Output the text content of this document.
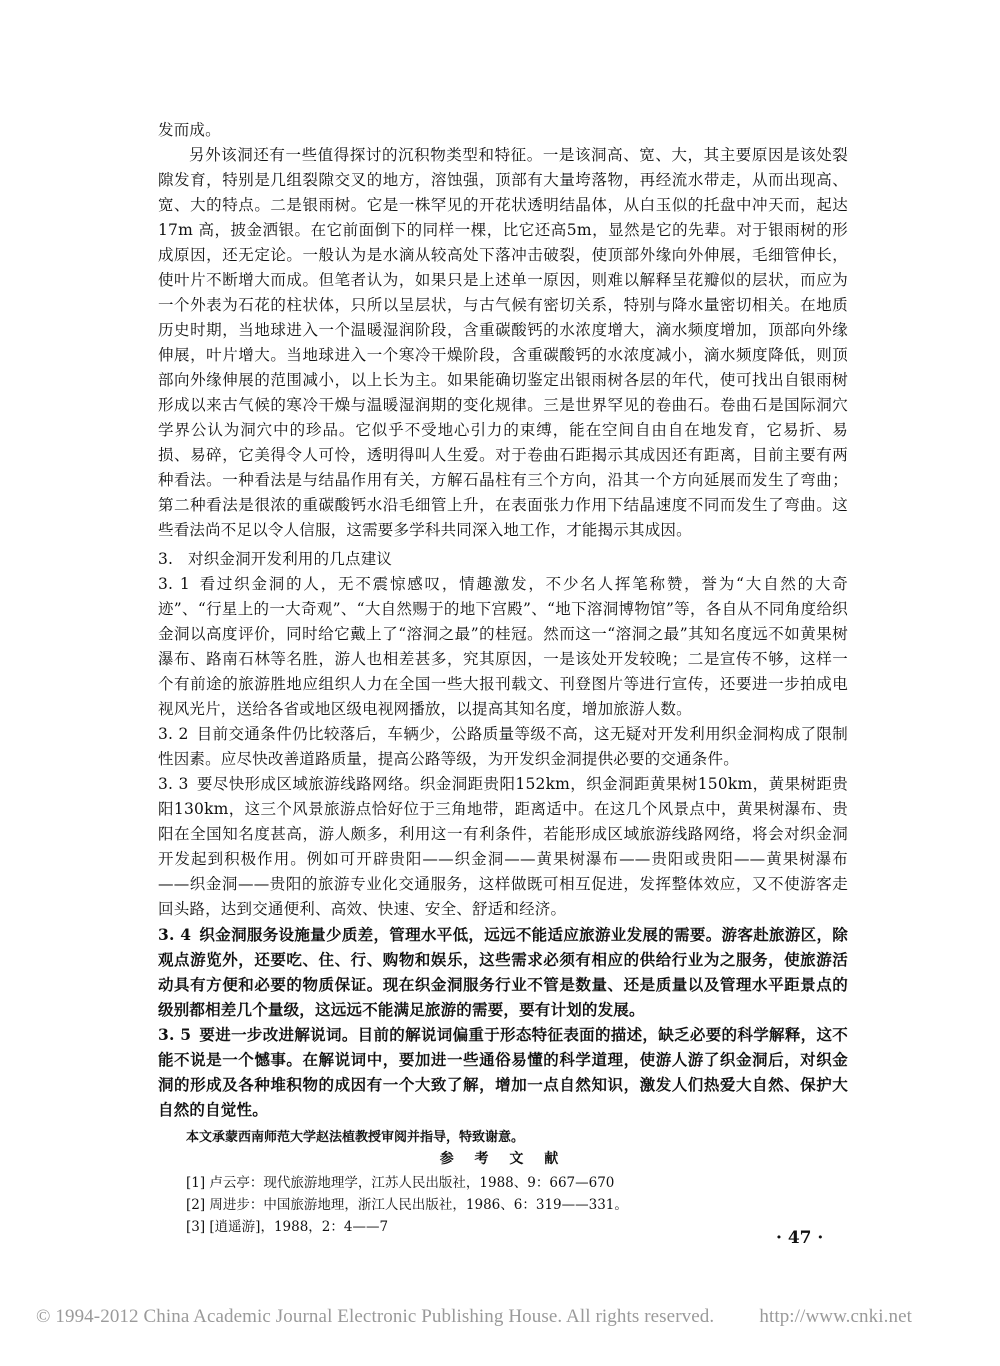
发而成。

另外该洞还有一些值得探讨的沉积物类型和特征。一是该洞高、宽、大，其主要原因是该处裂隙发育，特别是几组裂隙交叉的地方，溶蚀强，顶部有大量垮落物，再经流水带走，从而出现高、宽、大的特点。二是银雨树。它是一株罕见的开花状透明结晶体，从白玉似的托盘中冲天而，起达17m 高，披金洒银。在它前面倒下的同样一棵，比它还高5m，显然是它的先辈。对于银雨树的形成原因，还无定论。一般认为是水滴从较高处下落冲击破裂，使顶部外缘向外伸展，毛细管伸长，使叶片不断增大而成。但笔者认为，如果只是上述单一原因，则难以解释呈花瓣似的层状，而应为一个外表为石花的柱状体，只所以呈层状，与古气候有密切关系，特别与降水量密切相关。在地质历史时期，当地球进入一个温暖湿润阶段，含重碳酸钙的水浓度增大，滴水频度增加，顶部向外缘伸展，叶片增大。当地球进入一个寒冷干燥阶段，含重碳酸钙的水浓度减小，滴水频度降低，则顶部向外缘伸展的范围减小，以上长为主。如果能确切鉴定出银雨树各层的年代，使可找出自银雨树形成以来古气候的寒冷干燥与温暖湿润期的变化规律。三是世界罕见的卷曲石。卷曲石是国际洞穴学界公认为洞穴中的珍品。它似乎不受地心引力的束缚，能在空间自由自在地发育，它易折、易损、易碎，它美得令人可怜，透明得叫人生爱。对于卷曲石距揭示其成因还有距离，目前主要有两种看法。一种看法是与结晶作用有关，方解石晶柱有三个方向，沿其一个方向延展而发生了弯曲；第二种看法是很浓的重碳酸钙水沿毛细管上升，在表面张力作用下结晶速度不同而发生了弯曲。这些看法尚不足以令人信服，这需要多学科共同深入地工作，才能揭示其成因。

3. 对织金洞开发利用的几点建议

3. 1 看过织金洞的人，无不震惊感叹，情趣激发，不少名人挥笔称赞，誉为“大自然的大奇迹”、“行星上的一大奇观”、“大自然赐于的地下宫殿”、“地下溶洞博物馆”等，各自从不同角度给织金洞以高度评价，同时给它戴上了“溶洞之最”的桂冠。然而这一“溶洞之最”其知名度远不如黄果树瀑布、路南石林等名胜，游人也相差甚多，究其原因，一是该处开发较晚；二是宣传不够，这样一个有前途的旅游胜地应组织人力在全国一些大报刊载文、刊登图片等进行宣传，还要进一步拍成电视风光片，送给各省或地区级电视网播放，以提高其知名度，增加旅游人数。

3. 2 目前交通条件仍比较落后，车辆少，公路质量等级不高，这无疑对开发利用织金洞构成了限制性因素。应尽快改善道路质量，提高公路等级，为开发织金洞提供必要的交通条件。

3. 3 要尽快形成区域旅游线路网络。织金洞距贵阳152km，织金洞距黄果树150km，黄果树距贵阳130km，这三个风景旅游点恰好位于三角地带，距离适中。在这几个风景点中，黄果树瀑布、贵阳在全国知名度甚高，游人颇多，利用这一有利条件，若能形成区域旅游线路网络，将会对织金洞开发起到积极作用。例如可开辟贵阳——织金洞——黄果树瀑布——贵阳或贵阳——黄果树瀑布——织金洞——贵阳的旅游专业化交通服务，这样做既可相互促进，发挥整体效应，又不使游客走回头路，达到交通便利、高效、快速、安全、舒适和经济。

3. 4 织金洞服务设施量少质差，管理水平低，远远不能适应旅游业发展的需要。游客赴旅游区，除观点游览外，还要吃、住、行、购物和娱乐，这些需求必须有相应的供给行业为之服务，使旅游活动具有方便和必要的物质保证。现在织金洞服务行业不管是数量、还是质量以及管理水平距景点的级别都相差几个量级，这远远不能满足旅游的需要，要有计划的发展。

3. 5 要进一步改进解说词。目前的解说词偏重于形态特征表面的描述，缺乏必要的科学解释，这不能不说是一个憾事。在解说词中，要加进一些通俗易懂的科学道理，使游人游了织金洞后，对织金洞的形成及各种堆积物的成因有一个大致了解，增加一点自然知识，激发人们热爱大自然、保护大自然的自觉性。

本文承蒙西南师范大学赵法植教授审阅并指导，特致谢意。

参 考 文 献

[1] 卢云亭：现代旅游地理学，江苏人民出版社，1988、9：667—670
[2] 周进步：中国旅游地理，浙江人民出版社，1986、6：319——331。
[3] [逍遥游]，1988，2：4——7
· 47 ·
© 1994-2012 China Academic Journal Electronic Publishing House. All rights reserved. http://www.cnki.net
